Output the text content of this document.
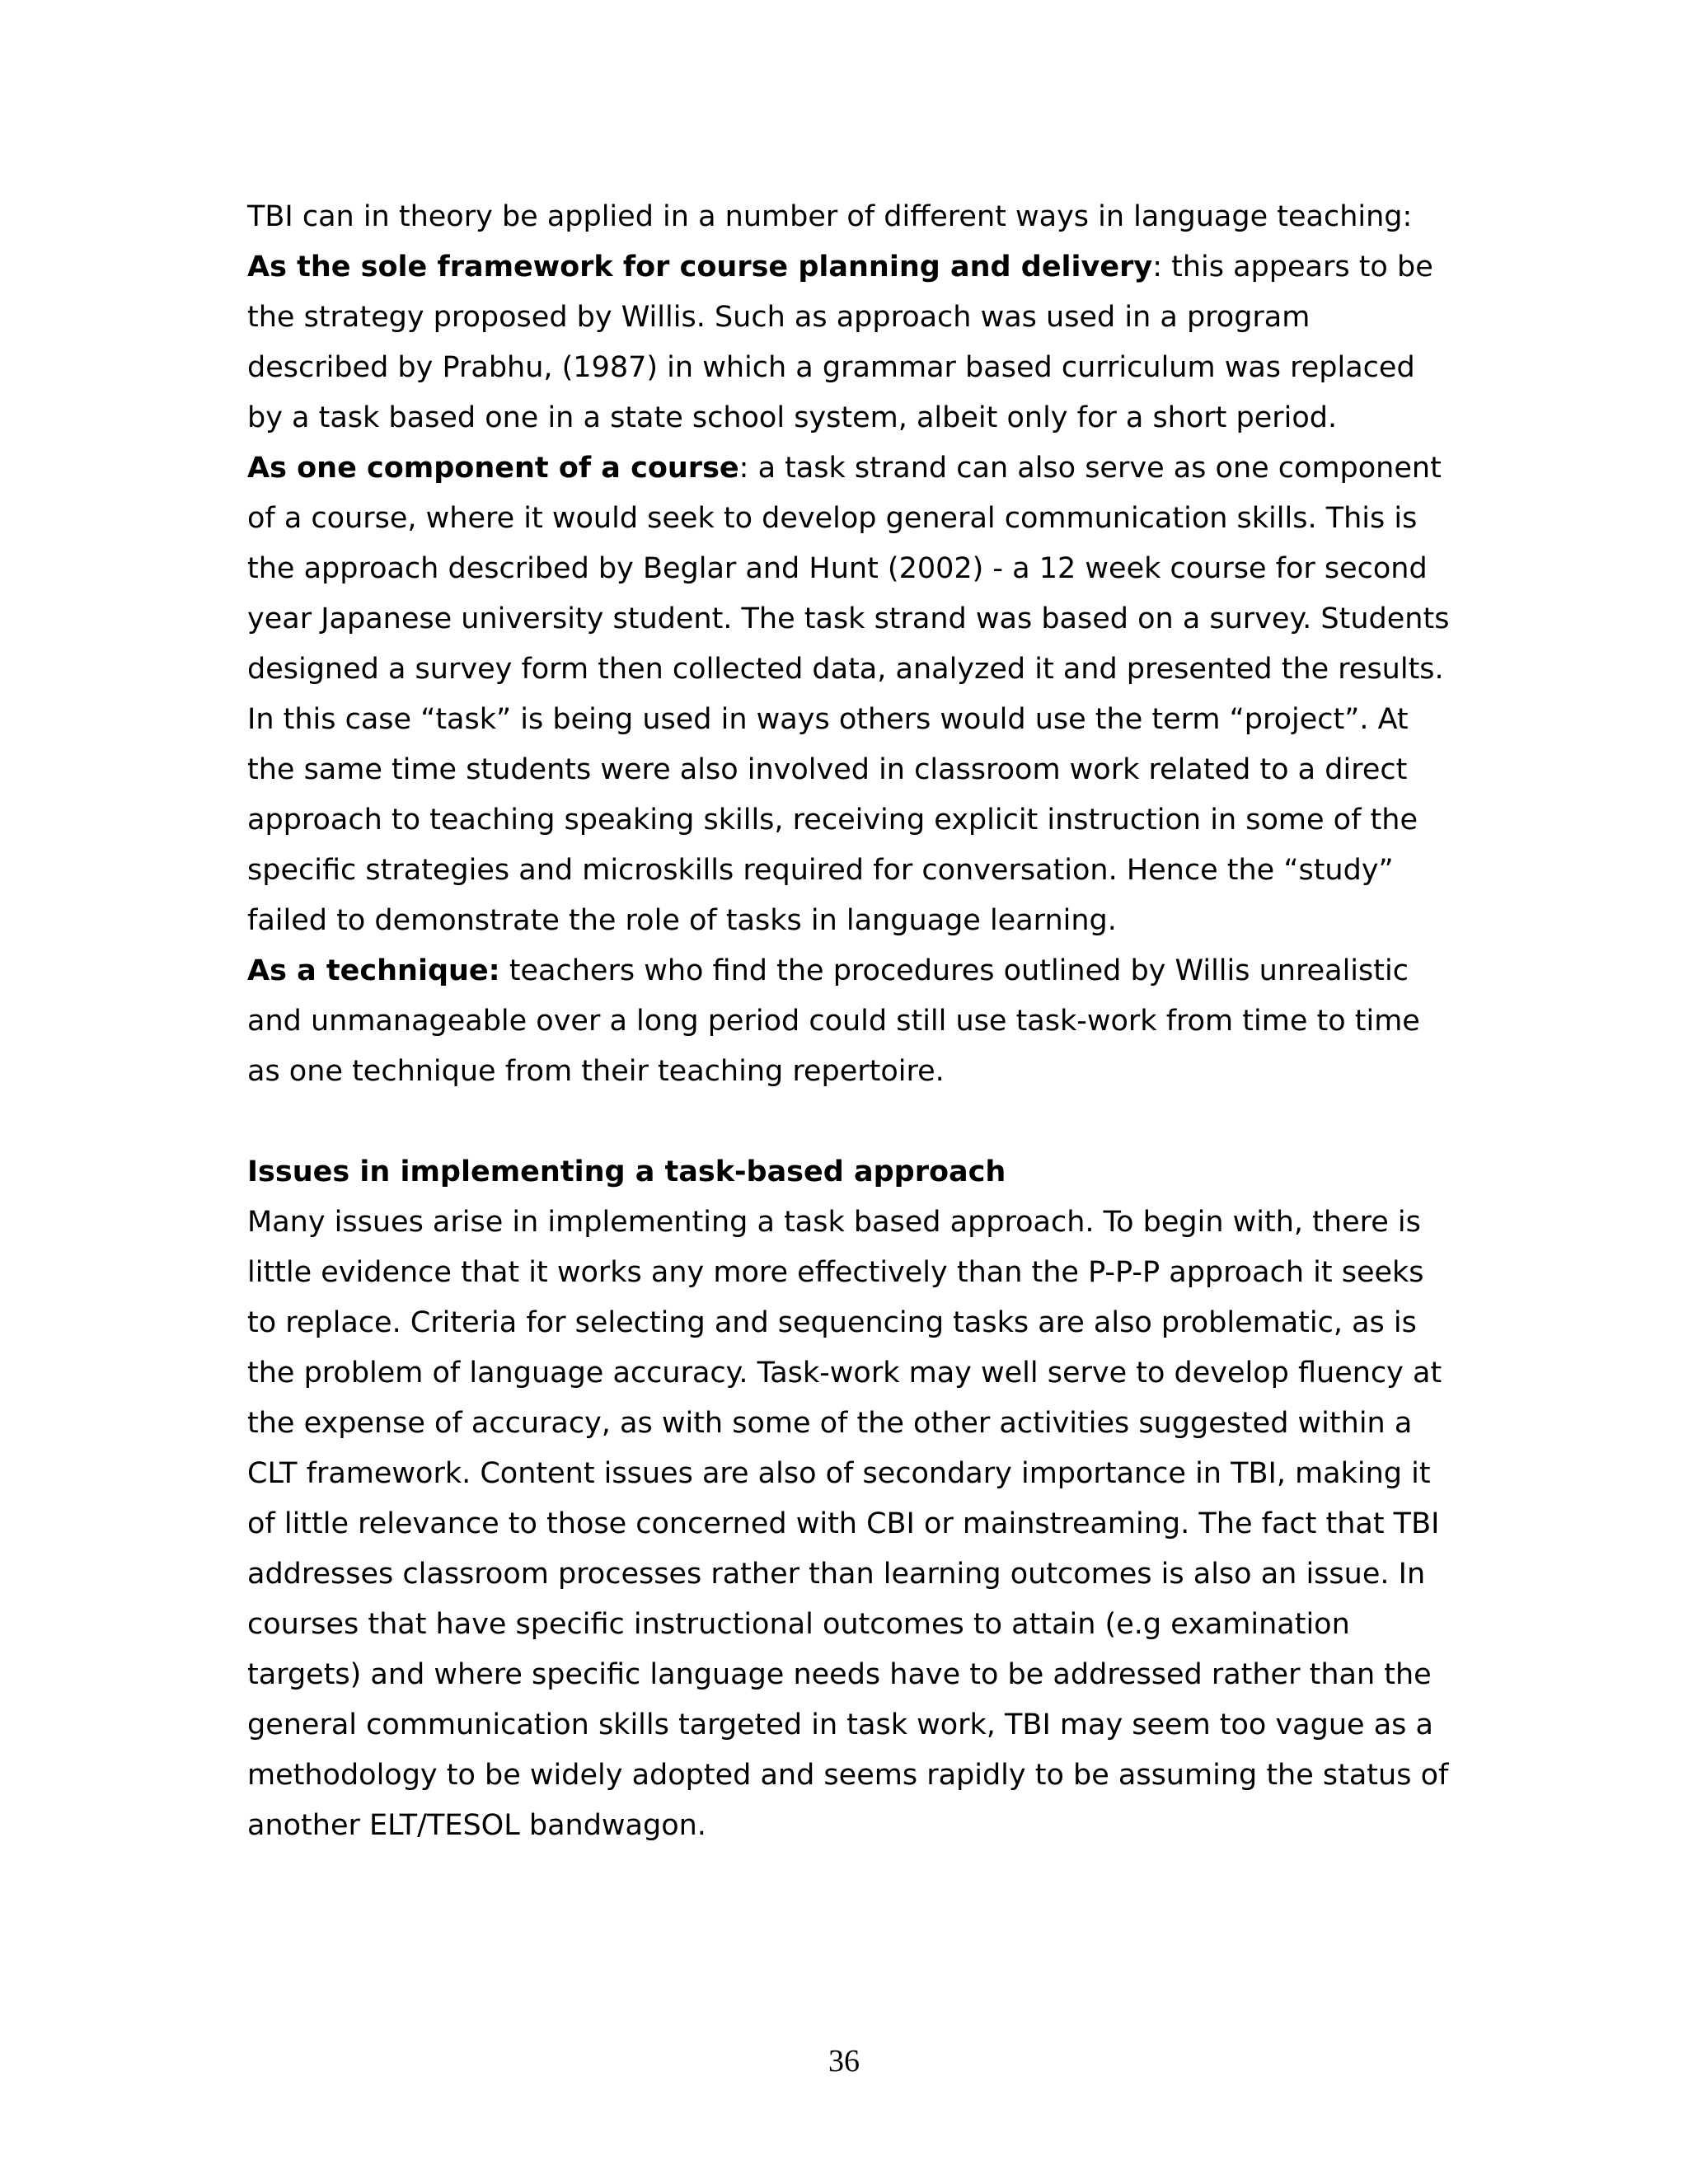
TBI can in theory be applied in a number of different ways in language teaching:

As the sole framework for course planning and delivery: this appears to be the strategy proposed by Willis. Such as approach was used in a program described by Prabhu, (1987) in which a grammar based curriculum was replaced by a task based one in a state school system, albeit only for a short period.

As one component of a course: a task strand can also serve as one component of a course, where it would seek to develop general communication skills. This is the approach described by Beglar and Hunt (2002) - a 12 week course for second year Japanese university student. The task strand was based on a survey. Students designed a survey form then collected data, analyzed it and presented the results. In this case “task” is being used in ways others would use the term “project”. At the same time students were also involved in classroom work related to a direct approach to teaching speaking skills, receiving explicit instruction in some of the specific strategies and microskills required for conversation. Hence the “study” failed to demonstrate the role of tasks in language learning.

As a technique: teachers who find the procedures outlined by Willis unrealistic and unmanageable over a long period could still use task-work from time to time as one technique from their teaching repertoire.

Issues in implementing a task-based approach

Many issues arise in implementing a task based approach. To begin with, there is little evidence that it works any more effectively than the P-P-P approach it seeks to replace. Criteria for selecting and sequencing tasks are also problematic, as is the problem of language accuracy. Task-work may well serve to develop fluency at the expense of accuracy, as with some of the other activities suggested within a CLT framework. Content issues are also of secondary importance in TBI, making it of little relevance to those concerned with CBI or mainstreaming. The fact that TBI addresses classroom processes rather than learning outcomes is also an issue. In courses that have specific instructional outcomes to attain (e.g examination targets) and where specific language needs have to be addressed rather than the general communication skills targeted in task work, TBI may seem too vague as a methodology to be widely adopted and seems rapidly to be assuming the status of another ELT/TESOL bandwagon.

36
